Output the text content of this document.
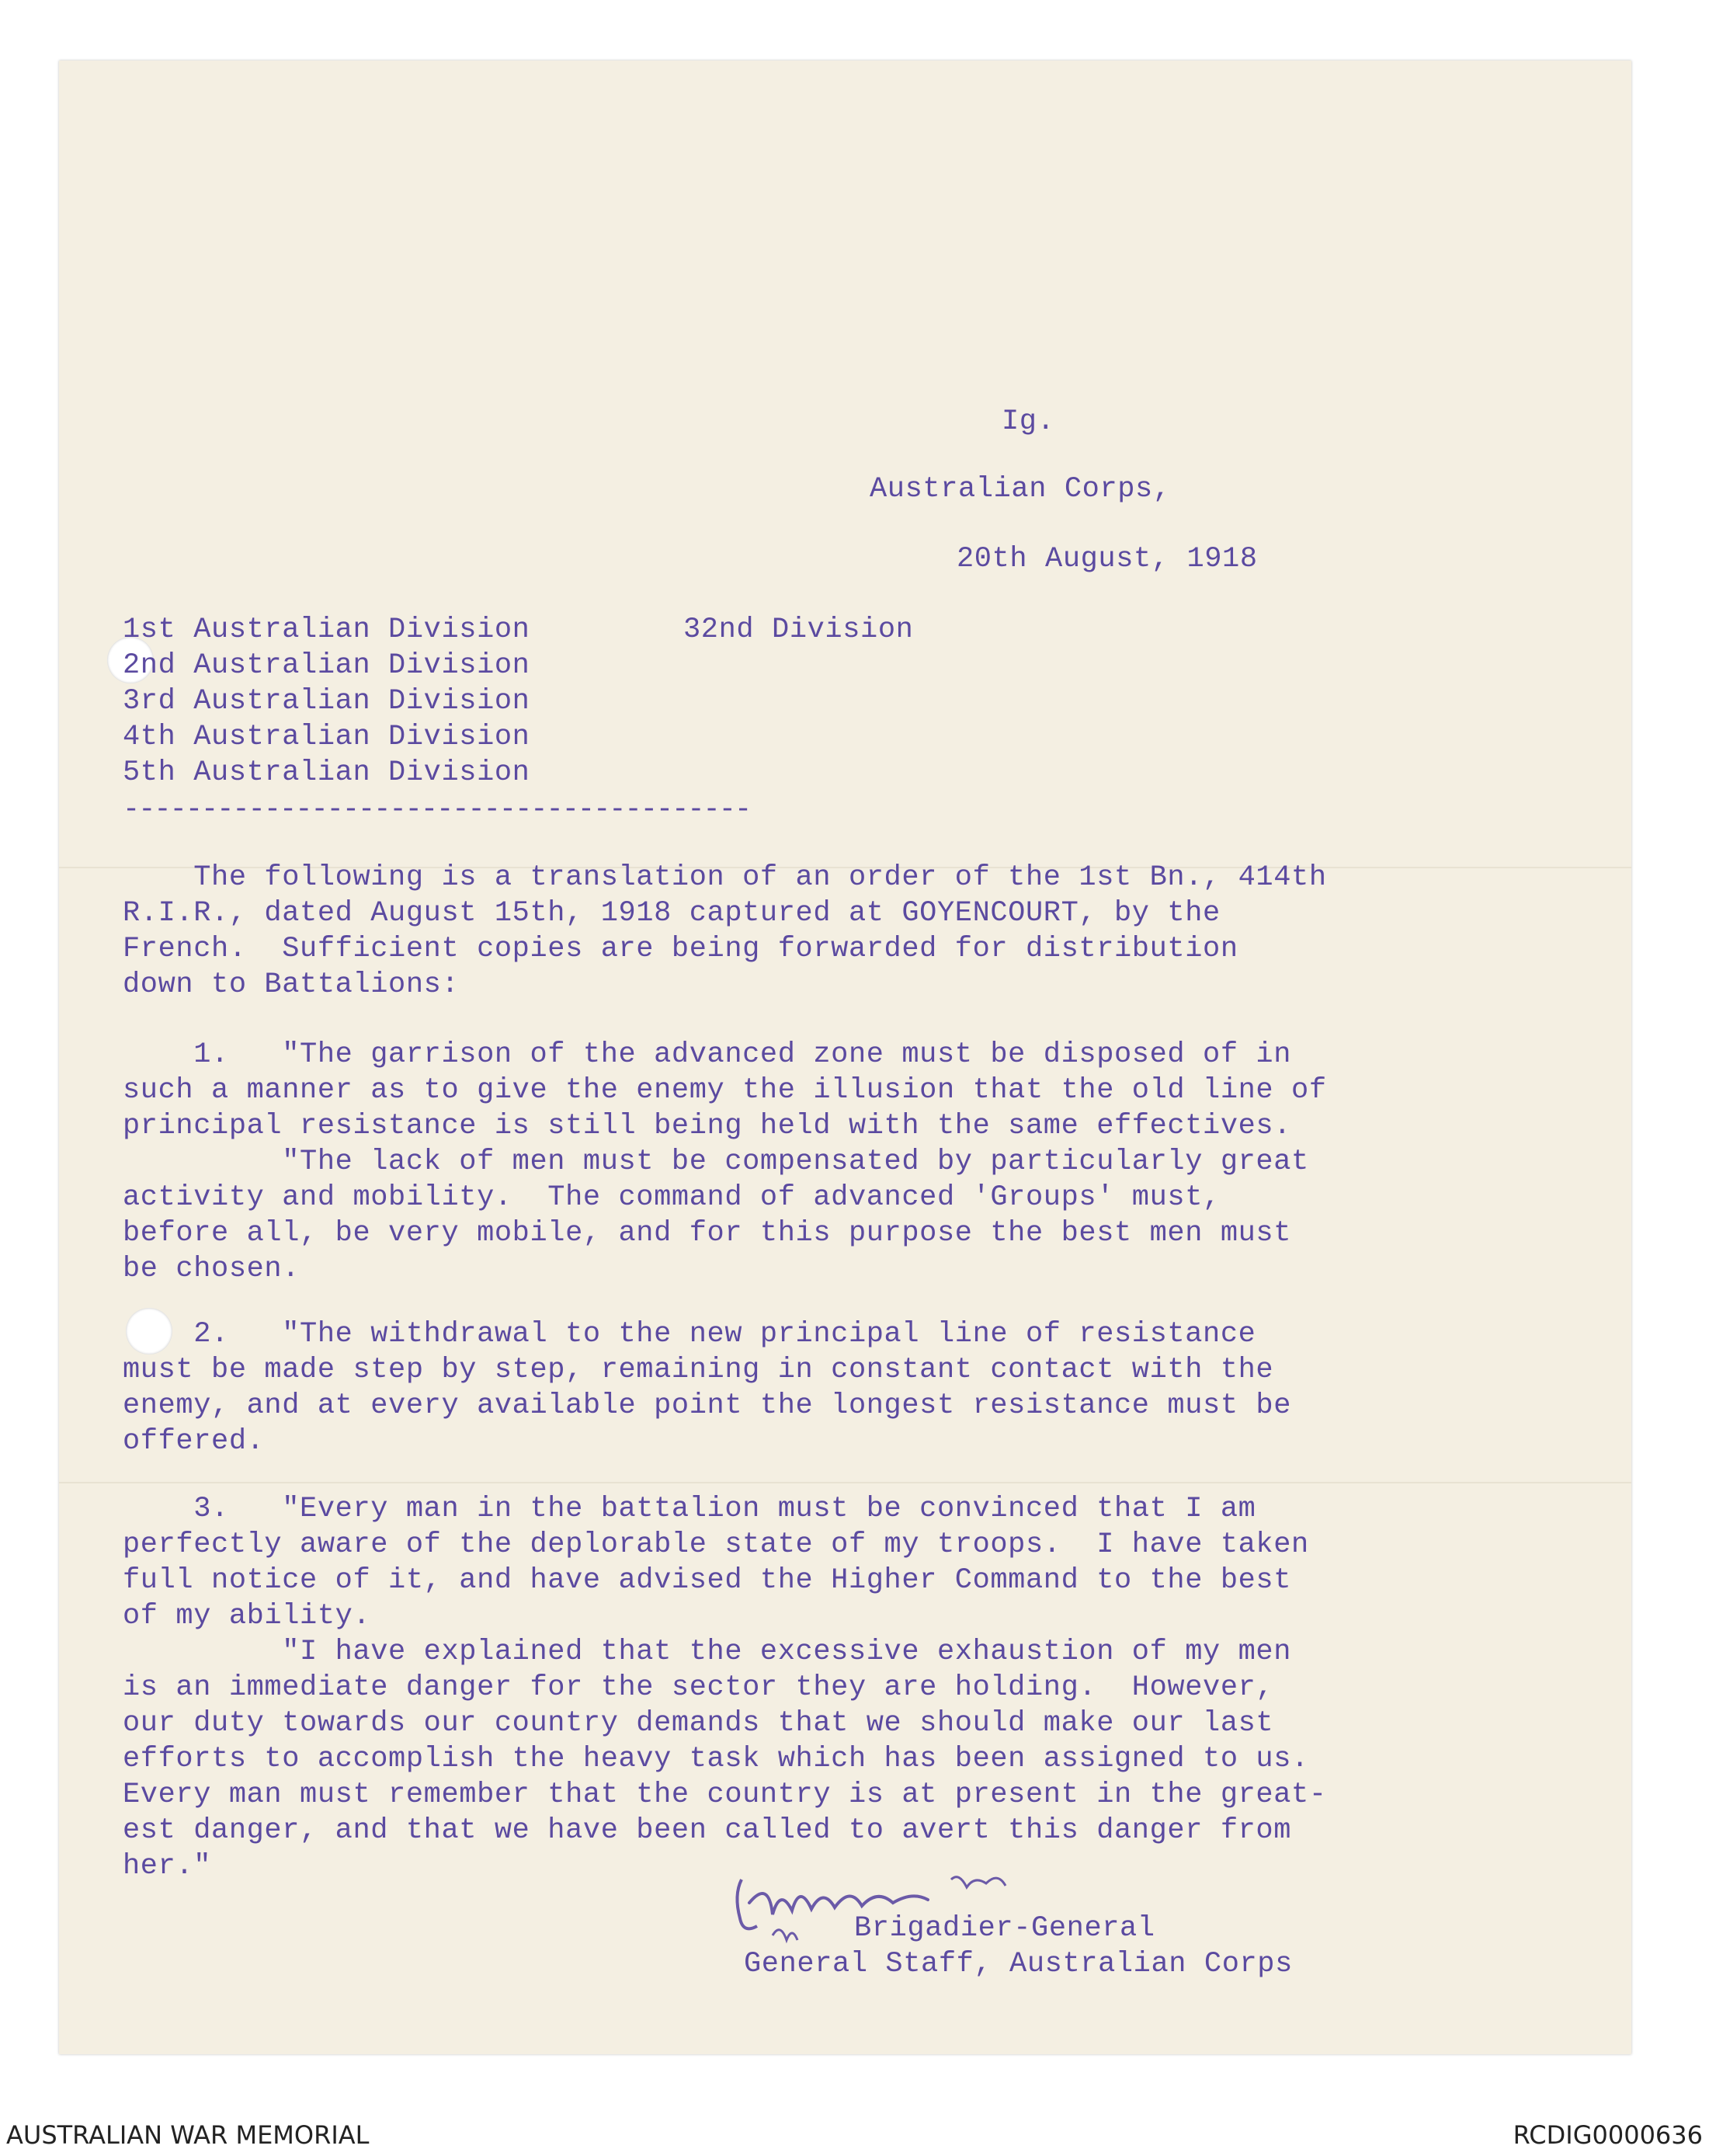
Ig.
Australian Corps,
20th August, 1918
1st Australian Division
2nd Australian Division
3rd Australian Division
4th Australian Division
5th Australian Division
32nd Division
----------------------------------------
The following is a translation of an order of the 1st Bn., 414th
R.I.R., dated August 15th, 1918 captured at GOYENCOURT, by the
French.  Sufficient copies are being forwarded for distribution
down to Battalions:
1.   "The garrison of the advanced zone must be disposed of in
such a manner as to give the enemy the illusion that the old line of
principal resistance is still being held with the same effectives.
"The lack of men must be compensated by particularly great
activity and mobility.  The command of advanced 'Groups' must,
before all, be very mobile, and for this purpose the best men must
be chosen.
2.   "The withdrawal to the new principal line of resistance
must be made step by step, remaining in constant contact with the
enemy, and at every available point the longest resistance must be
offered.
3.   "Every man in the battalion must be convinced that I am
perfectly aware of the deplorable state of my troops.  I have taken
full notice of it, and have advised the Higher Command to the best
of my ability.
"I have explained that the excessive exhaustion of my men
is an immediate danger for the sector they are holding.  However,
our duty towards our country demands that we should make our last
efforts to accomplish the heavy task which has been assigned to us.
Every man must remember that the country is at present in the great-
est danger, and that we have been called to avert this danger from
her."
Brigadier-General
General Staff, Australian Corps
AUSTRALIAN WAR MEMORIAL	RCDIG0000636
